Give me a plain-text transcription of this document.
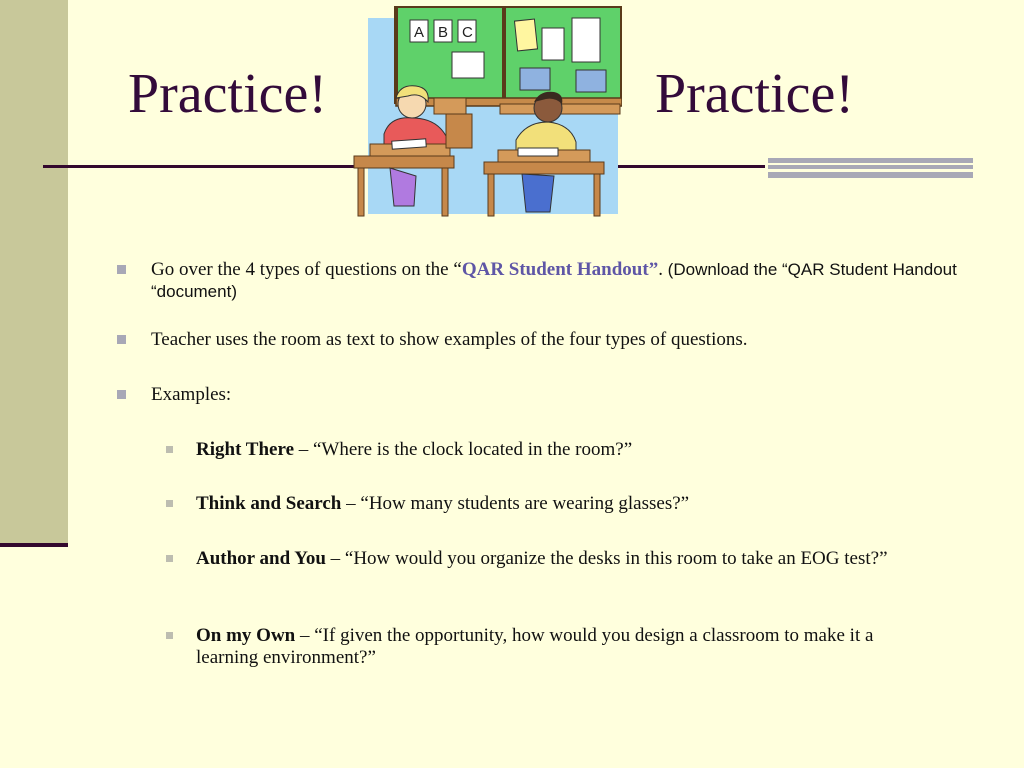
Practice!	Practice!
A B C
Go over the 4 types of questions on the “QAR Student Handout”. (Download the “QAR Student Handout “document)
Teacher uses the room as text to show examples of the four types of questions.
Examples:
Right There – “Where is the clock located in the room?”
Think and Search – “How many students are wearing glasses?”
Author and You – “How would you organize the desks in this room to take an EOG test?”
On my Own – “If given the opportunity, how would you design a classroom to make it a learning environment?”
